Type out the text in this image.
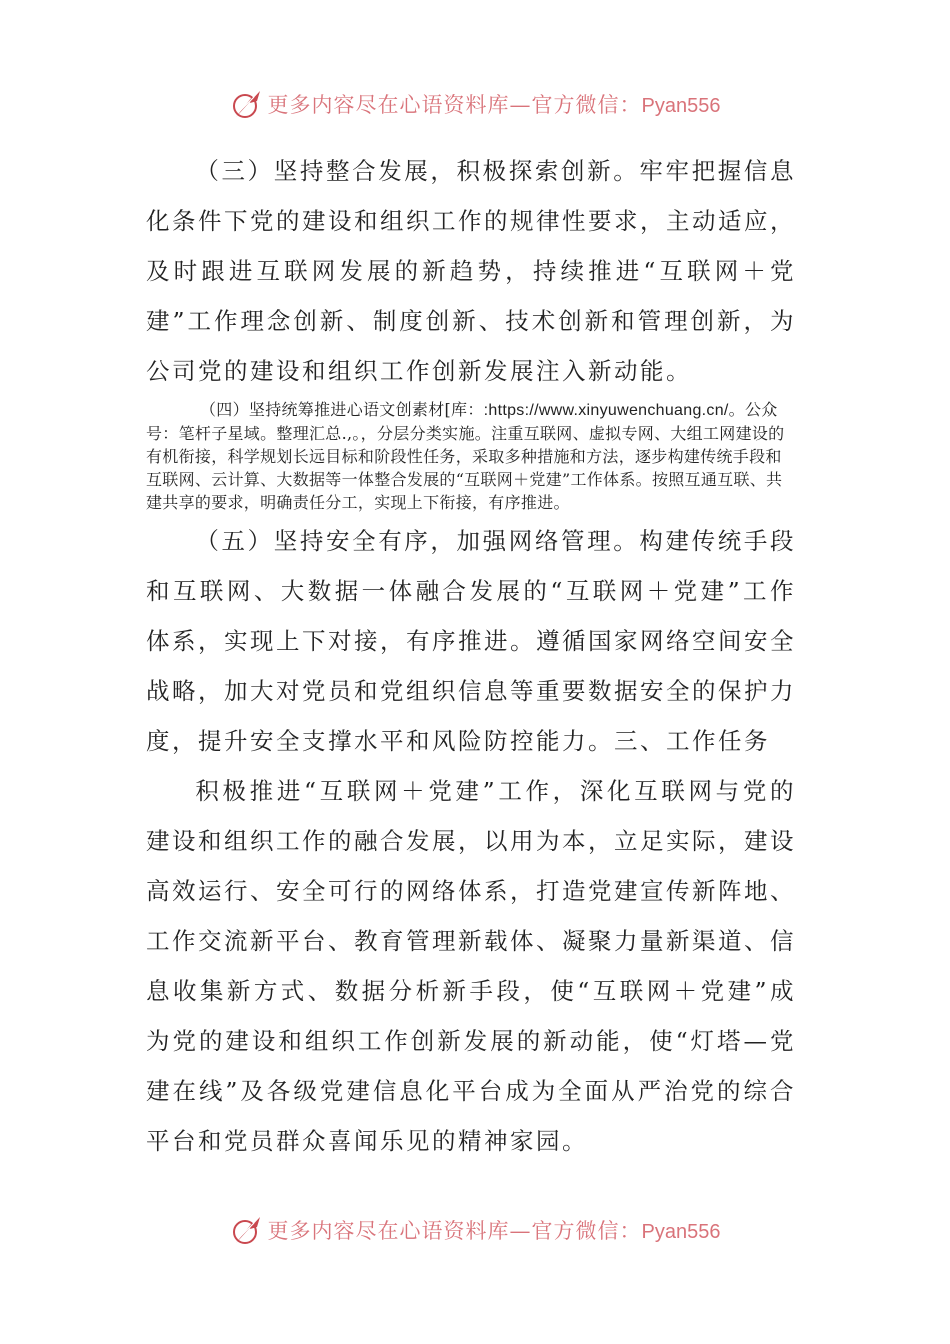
更多内容尽在心语资料库—官方微信：Pyan556

（三）坚持整合发展，积极探索创新。牢牢把握信息化条件下党的建设和组织工作的规律性要求，主动适应，及时跟进互联网发展的新趋势，持续推进“互联网＋党建”工作理念创新、制度创新、技术创新和管理创新，为公司党的建设和组织工作创新发展注入新动能。

（四）坚持统筹推进心语文创素材[库：:https://www.xinyuwenchuang.cn/。公众号：笔杆子星域。整理汇总.,。，分层分类实施。注重互联网、虚拟专网、大组工网建设的有机衔接，科学规划长远目标和阶段性任务，采取多种措施和方法，逐步构建传统手段和互联网、云计算、大数据等一体整合发展的“互联网＋党建”工作体系。按照互通互联、共建共享的要求，明确责任分工，实现上下衔接，有序推进。

（五）坚持安全有序，加强网络管理。构建传统手段和互联网、大数据一体融合发展的“互联网＋党建”工作体系，实现上下对接，有序推进。遵循国家网络空间安全战略，加大对党员和党组织信息等重要数据安全的保护力度，提升安全支撑水平和风险防控能力。三、工作任务

积极推进“互联网＋党建”工作，深化互联网与党的建设和组织工作的融合发展，以用为本，立足实际，建设高效运行、安全可行的网络体系，打造党建宣传新阵地、工作交流新平台、教育管理新载体、凝聚力量新渠道、信息收集新方式、数据分析新手段，使“互联网＋党建”成为党的建设和组织工作创新发展的新动能，使“灯塔—党建在线”及各级党建信息化平台成为全面从严治党的综合平台和党员群众喜闻乐见的精神家园。

更多内容尽在心语资料库—官方微信：Pyan556
